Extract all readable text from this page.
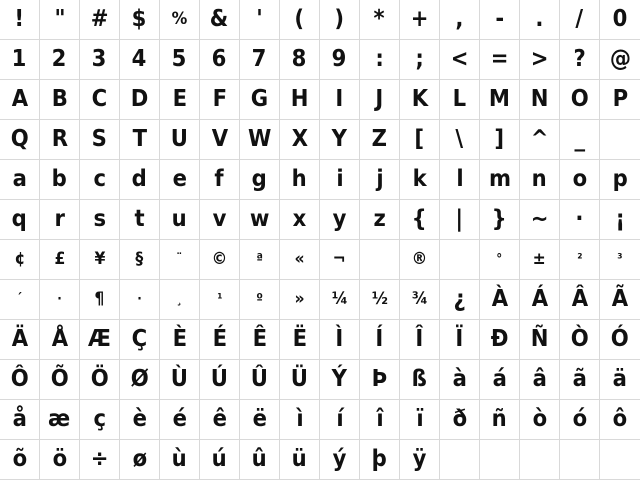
! " # $ % & ' ( ) * + , - . / 0
1 2 3 4 5 6 7 8 9 : ; < = > ? @
A B C D E F G H I J K L M N O P
Q R S T U V W X Y Z [ \ ] ^ _
a b c d e f g h i j k l m n o p
q r s t u v w x y z { | } ~ · ¡
¢ £ ¥ §	¨ © ª « ¬	®	° ± ²	³
´	· ¶	·	¸	¹	º » ¼ ½ ¾ ¿ À Á Â Ã
Ä Å Æ Ç È É Ê Ë Ì Í Î Ï Ð Ñ Ò Ó
Ô Õ Ö Ø Ù Ú Û Ü Ý Þ ß à á â ã ä
å æ ç è é ê ë ì í î ï ð ñ ò ó ô
õ ö ÷ ø ù ú û ü ý þ ÿ
